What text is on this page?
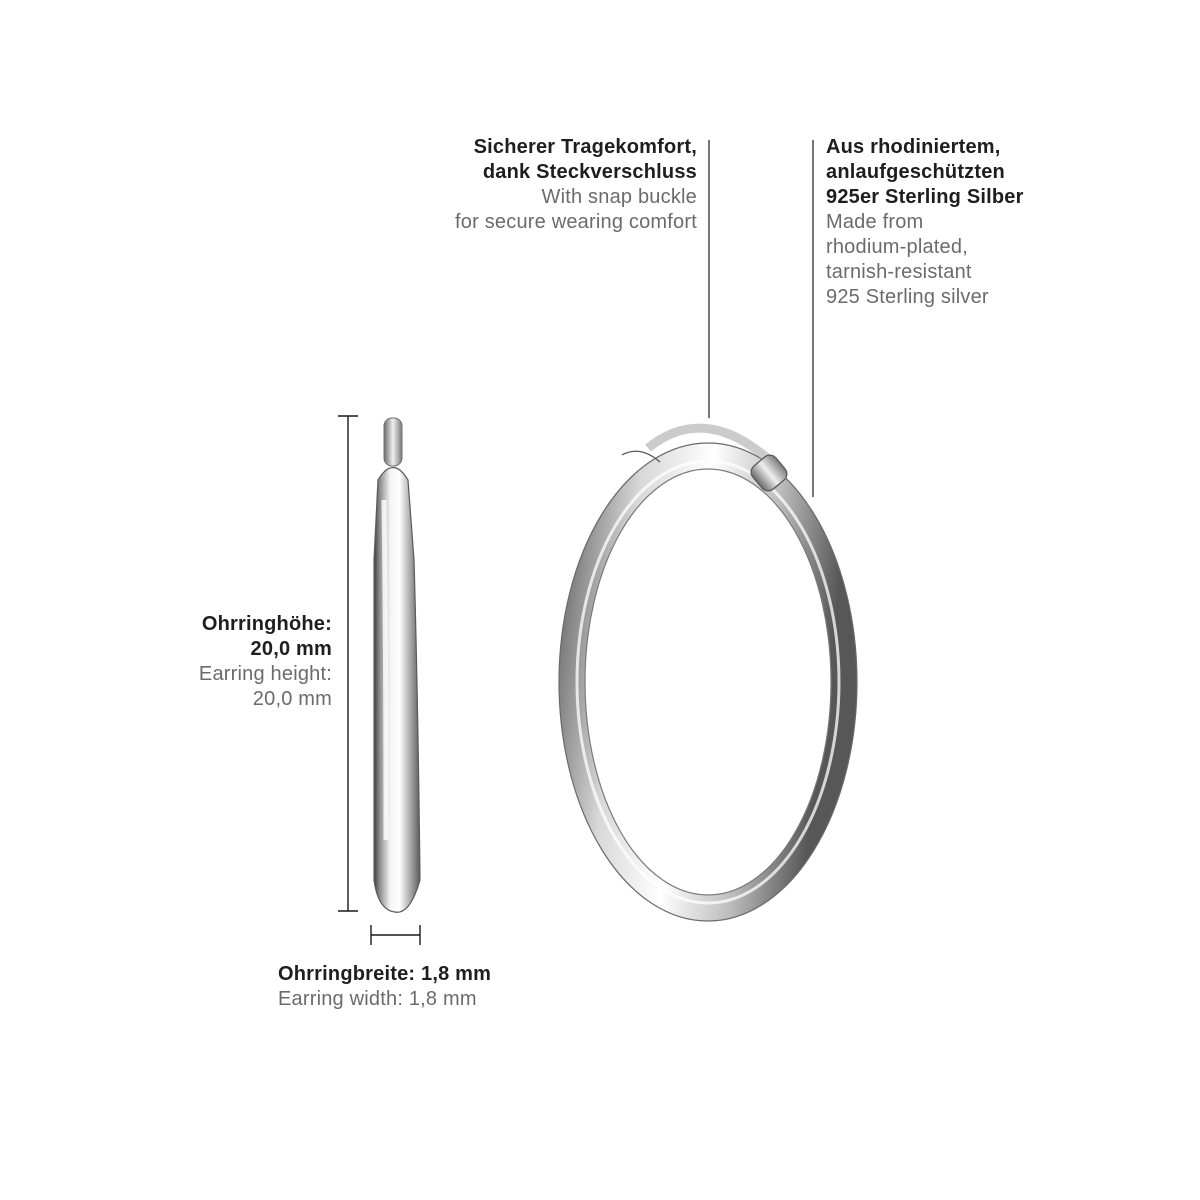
Sicherer Tragekomfort,
dank Steckverschluss
With snap buckle
for secure wearing comfort
Aus rhodiniertem,
anlaufgeschützten
925er Sterling Silber
Made from
rhodium-plated,
tarnish-resistant
925 Sterling silver
Ohrringhöhe:
20,0 mm
Earring height:
20,0 mm
Ohrringbreite: 1,8 mm
Earring width: 1,8 mm
